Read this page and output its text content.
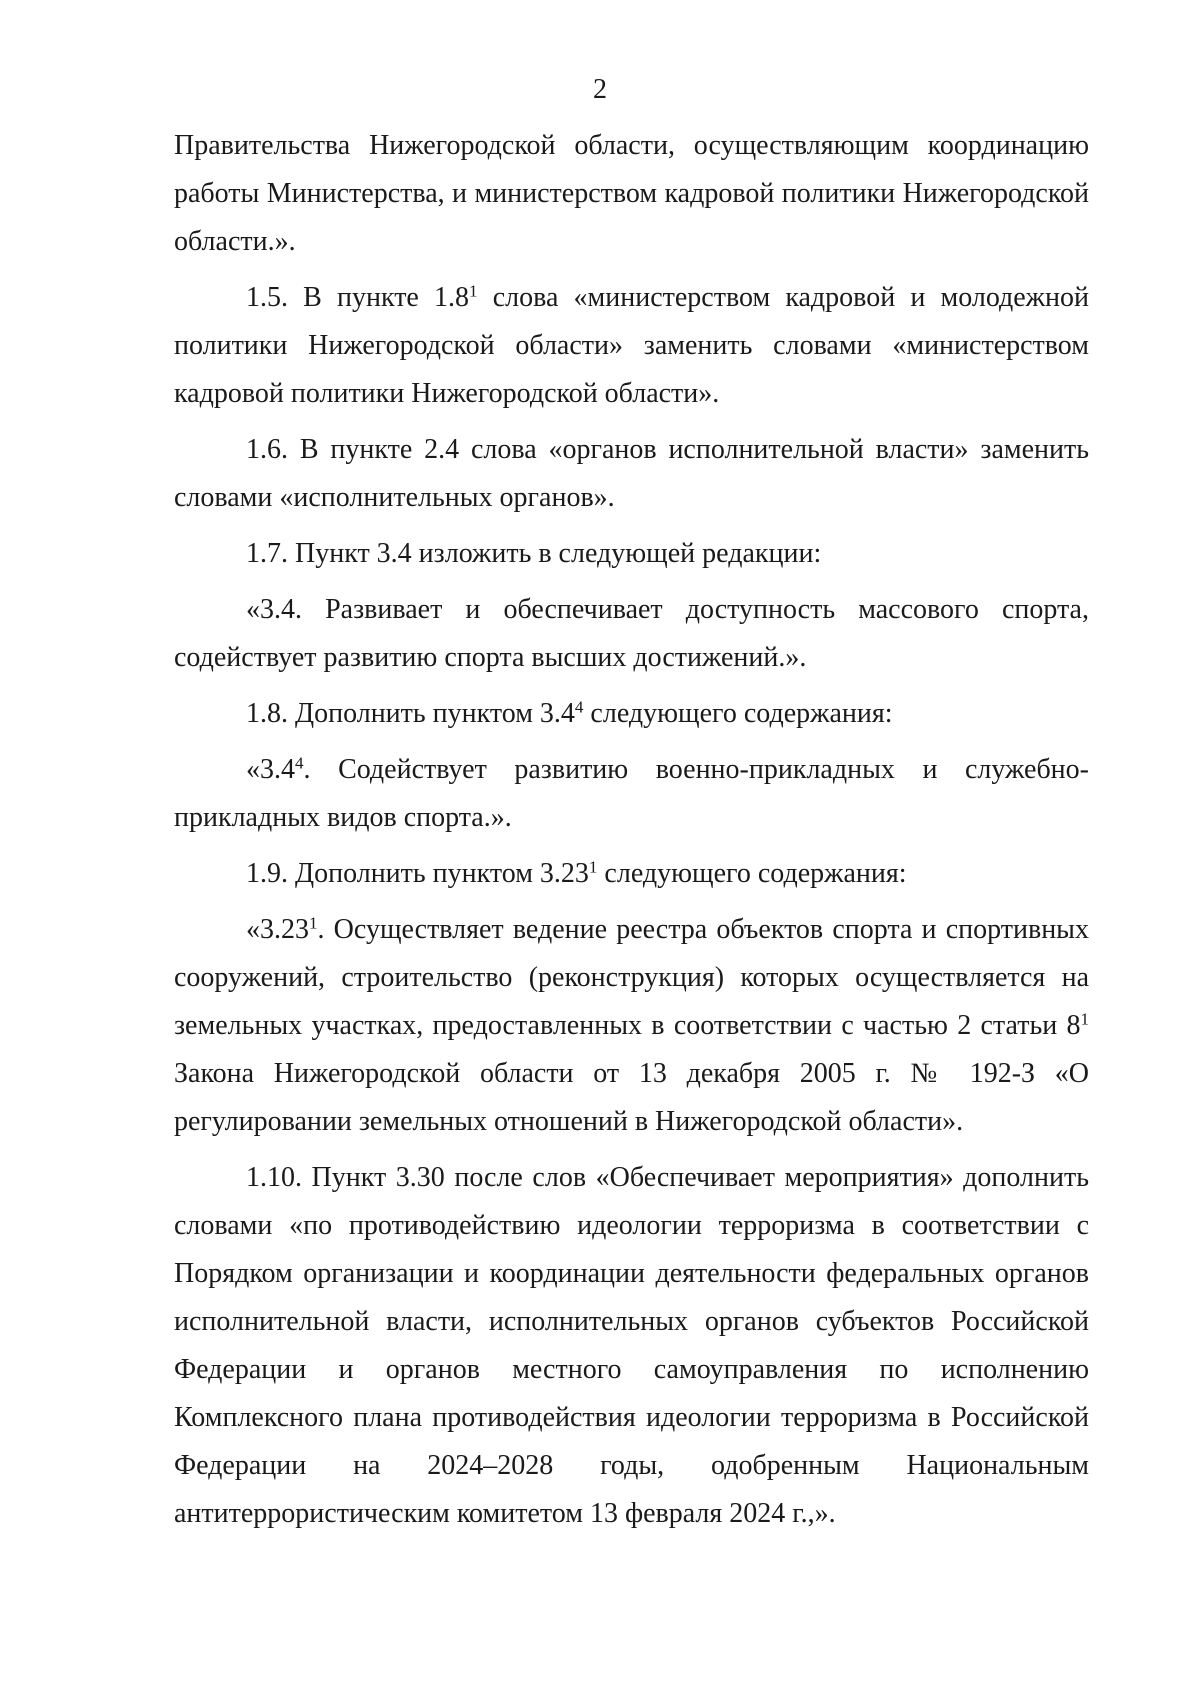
2

Правительства Нижегородской области, осуществляющим координацию работы Министерства, и министерством кадровой политики Нижегородской области.».

1.5. В пункте $1.8^1$ слова «министерством кадровой и молодежной политики Нижегородской области» заменить словами «министерством кадровой политики Нижегородской области».

1.6. В пункте 2.4 слова «органов исполнительной власти» заменить словами «исполнительных органов».

1.7. Пункт 3.4 изложить в следующей редакции:

«3.4. Развивает и обеспечивает доступность массового спорта, содействует развитию спорта высших достижений.».

1.8. Дополнить пунктом $3.4^4$ следующего содержания:

«$3.4^4$. Содействует развитию военно-прикладных и служебно-прикладных видов спорта.».

1.9. Дополнить пунктом 3.23$^1$ следующего содержания:

«3.23$^1$. Осуществляет ведение реестра объектов спорта и спортивных сооружений, строительство (реконструкция) которых осуществляется на земельных участках, предоставленных в соответствии с частью 2 статьи $8^1$ Закона Нижегородской области от 13 декабря 2005 г. № 192-З «О регулировании земельных отношений в Нижегородской области».

1.10. Пункт 3.30 после слов «Обеспечивает мероприятия» дополнить словами «по противодействию идеологии терроризма в соответствии с Порядком организации и координации деятельности федеральных органов исполнительной власти, исполнительных органов субъектов Российской Федерации и органов местного самоуправления по исполнению Комплексного плана противодействия идеологии терроризма в Российской Федерации на 2024–2028 годы, одобренным Национальным антитеррористическим комитетом 13 февраля 2024 г.,».
